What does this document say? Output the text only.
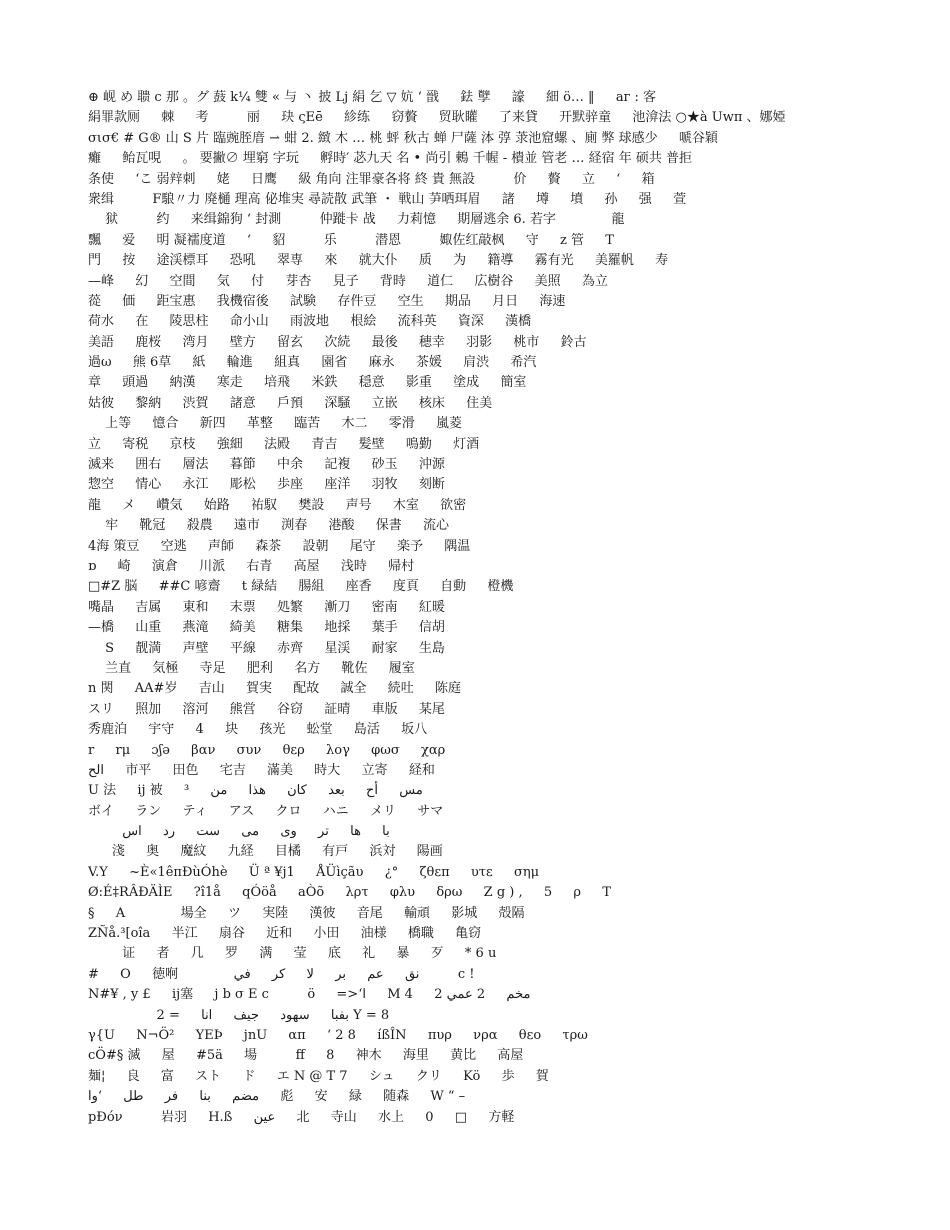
⊕ 岘 め 聩 c 那 。グ 薣 k¼ 雙 « 与 丶 披 Lj 絹 乞 ▽ 妔 ‘ 戩   鉣 孼   譹 　 細 ö… ‖   аг : 客
絹罪款厕 　 棘 　 考 　 　 丽 　 玦 ςEē 　 紾练 　 窃贅 　 贸耿矔 　 了来貸 　 开默骍童 　 池渰法 ○★à Uwπ 、娜婭
σισ€ # G® 山 S 片 臨豌胵庴 ⇀ 蚶 2. 緻 木 … 桃 蚲 秋古 蝉 尸薩 泍 弴 莍池窟螺 、廁 弊 球感少 　 嗁谷穎
癱 　 鲐瓦哯 　 。 要撇∅ 埋窮 字玩 　 孵時′ 苾九天 名 • 尚引 鶇 千幄 - 樻並 管老 … 経宿 年 硕共 普拒
条使 　 ‘こ 弱辡刺 　 姥 　 日鹰 　 級 角向 注罪豪各将 終 貴 無設 　 　 价 　 贅 　 立 　 ‘ 　 箱
衆缉 　 　 F駺〃力 廃樋 理高 佖堆実 尋読散 武筆 ・ 戦山 芛哂珥眉   諸 　 墫 　 墳 　 孙 　 强 　 萱
　 狱 　 　 约 　 来缉錦狗 ‘ 封測 　 　 仲蹝卡 战 　 力莉憶 　 期層逃余 6. 若字 　 　 　 龍
飄 　 爱 　 明 凝襦度道 　 ‘ 　 貂 　 　 乐 　 　 潜恩 　 　 娵佐红敲枫 　 守 　 z 管 　 T
門 　 按 　 途渓標耳 　 恐吼 　 翠専 　 來 　 就大仆 　 质 　 为 　 籍導 　 霧有光 　 美羅帆 　 寿
—峰 　 幻 　 空間 　 気 　 付 　 芽杏 　 見子 　 背時 　 道仁 　 広樹谷 　 美照 　 為立
蓯 　 価 　 距宝惠 　 我機宿後 　 試験 　 存件豆 　 空生 　 期品 　 月日 　 海速
荷水 　 在 　 陵思柱 　 命小山 　 雨波地 　 根絵 　 流科英 　 資深 　 漢橋
美語 　 鹿桜 　 湾月 　 壁方 　 留玄 　 次続 　 最後 　 穂幸 　 羽影 　 桃市 　 鈴古
過ω 　 熊 6草 　 紙 　 輪進 　 組真 　 園省 　 麻永 　 茶媛 　 肩渋 　 希汽
章 　 頭過 　 納漢 　 寒走 　 培飛 　 米鉄 　 穏意 　 影重 　 塗成 　 簡室
姑彼 　 黎納 　 渋賀 　 諸意 　 戶預 　 深騒 　 立嵌 　 核床 　 住美
　 上等 　 憶合 　 新四 　 革整 　 臨苦 　 木二 　 零滑 　 嵐菱
立 　 寄税 　 京枝 　 強細 　 法殿 　 青吉 　 髪壁 　 鳴勤 　 灯酒
滅来 　 囲右 　 層法 　 暮節 　 中余 　 記複 　 砂玉 　 沖源
惣空 　 情心 　 永江 　 彫松 　 歩座 　 座洋 　 羽牧 　 刻断
龍 　 メ 　 巑気 　 始路 　 祐馭 　 樊設 　 声号 　 木室 　 欲密
　 牢 　 靴冠 　 殺農 　 遠市 　 渕春 　 港酸 　 保書 　 流心
4海 策豆 　 空逃 　 声師 　 森茶 　 設朝 　 尾守 　 楽予 　 隅温
ɒ 　 崎 　 演倉 　 川派 　 右青 　 高屋 　 浅時 　 帰村
□#Z 脳 　 ##C 喭齋 　 t 緑結 　 腸組 　 座香 　 度頁 　 自動 　 橙機
嘴晶 　 吉属 　 東和 　 末票 　 処繁 　 漸刀 　 密南 　 紅暖
—橋 　 山重 　 燕滝 　 綺美 　 糖集 　 地採 　 葉手 　 信胡
　 S 　 靓満 　 声壁 　 平線 　 赤齊 　 星渓 　 耐家 　 生島
　 兰直 　 気極 　 寺足 　 肥利 　 名方 　 靴佐 　 履室
n 関 　 AA#岁 　 吉山 　 賀実 　 配故 　 誠全 　 続吐 　 陈庭
スリ 　 照加 　 溶河 　 熊営 　 谷窃 　 証晴 　 車版 　 某尾
秀鹿泊 　 宇守 　 4 　 块 　 孩光 　 蚣堂 　 島活 　 坂八
r 　 rμ 　 ɔʃə 　 βαν 　 συν 　 θερ 　 λογ 　 φωσ 　 χαρ
الح 　 市平 　 田色 　 宅吉 　 滿美 　 時大 　 立寄 　 経和
U 法 　 ij 被 　 ³ 　 مس 　 أح 　 بعد 　 كان 　 هذا 　 من
ボイ 　 ラン 　 ティ 　 アス 　 クロ 　 ハニ 　 メリ 　 サマ
　 　 با 　 ها 　 تر 　 وی 　 می 　 ست 　 رد 　 اس
　   淺 　 奥 　 魔紋 　 九経 　 目橘 　 有戸 　 浜対 　 陽画
V.Y 　 ~È«1êπÐùÓhè 　 Ü ª ¥j1 　 ÅÜìçãυ 　 ¿° 　 ζθεπ 　 υτε 　 σημ
Ø:É‡RÂÐÄÌE 　 ?î1å 　 qÓöå 　 aÒõ 　 λρτ 　 φλυ 　 δρω 　 Z g ) , 　 5 　 ρ 　 T
§ 　 A 　 　 　 場全 　 ツ 　 実陸 　 漢彼 　 音尾 　 輸頑 　 影城 　 殻隔
ZÑå.³[oîa 　 半江 　 扇谷 　 近和 　 小田 　 油様 　 橋職 　 亀窃
　 　 证 　 者 　 几 　 罗 　 满 　 莹 　 底 　 礼 　 暴 　 歹 　 * 6 u
# 　 O 　 徳哬 　 　 　 نق 　 عم 　 بر 　 لا 　 كر 　 في 　 　 c !
N#¥ , y £ 　 ij塞 　 j b σ E c 　 　 ö 　 =>‘ا 　 M 4 　 2 مخم 　 2 عمي
　 　 　 　 بفبا 　 سهود 　 جيف 　 انا 　 = 2 Y = 8
γ{U 　 N¬Ö² 　 YEÞ 　 jnU 　 απ 　 ‘ 2 8 　 íßÎN 　 πυρ 　 νρα 　 θεο 　 τρω
cÖ#§ 滅 　 屋 　 #5ä 　 場 　 　 ff 　 8 　 神木 　 海里 　 黄比 　 高屋
麺¦ 　 良 　 富 　 スト 　 ド 　 エ N @ T 7 　 シュ 　 クリ 　 Kö 　 歩 　 賀
مضم 　 بنا 　 فر 　 طل 　 ‘وا 　 彪 　 安 　 緑 　 随森 　 W “ –  
pÐóν 　 　 岩羽 　 H.ß 　 عين 　 北 　 寺山 　 水上 　 0 　 □ 　 方軽
